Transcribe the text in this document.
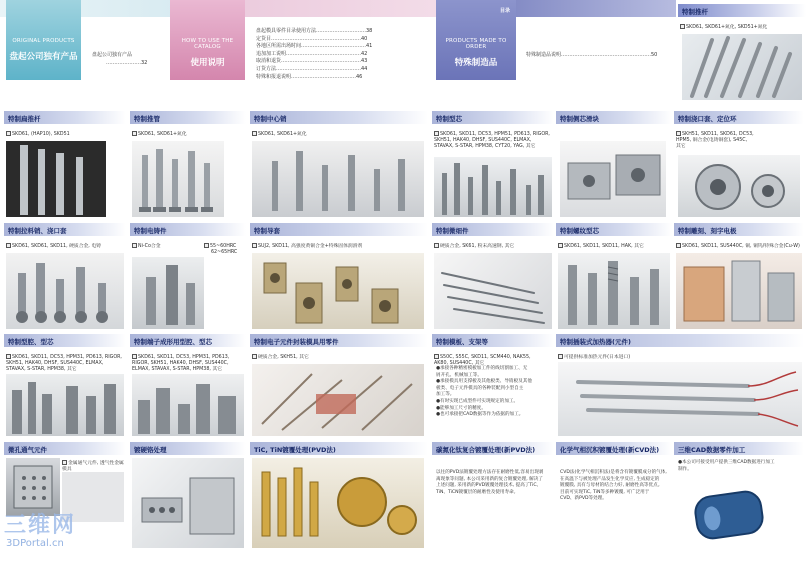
ORIGINAL PRODUCTS
盘起公司独有产品	盘起公司独有产品
…………………32
HOW TO USE THE CATALOG
使用说明
盘起模具零件目录使用方法…………………………38
定货目………………………………………………40
各地区所需出场时间…………………………………41
追加加工说明………………………………………42
取消和退货…………………………………………43
订货方法……………………………………………44
特殊和报退说明…………………………………46
PRODUCTS MADE TO ORDER
特殊制造品
目录
特殊制造品说明………………………………………………50
特制推杆
SKD61, SKD61+氮化, SKD51+氮化
特制扁推杆
SKD61, (HAP10), SKD51
特制推管
SKD61, SKD61+氮化
特制中心销
SKD61, SKD61+氮化
特制型芯
SKD61, SKD11, DC53, HPM51, PD613, RIGOR,
SKH51, HAK40, DHSF, SUS440C, ELMAX,
STAVAX, S-STAR, HPM38, CYT20, YAG, 其它
特制侧芯滑块	特制浇口套、定位环
SKH51, SKD11, SKD61, DC53,
HPM5, 铜合金(电铸铜套), S45C,
其它
特制拉料销、浇口套
SKD61, SKD61, SKD11, 硬质合金, 电铸
特制电铸件
Ni-Co合金	55~60HRC
62~65HRC
特制导套
SUJ2, SKD11, 高强度黄铜合金+特殊固体润滑剂
特制微细件
硬质合金, SK61, 粉末高速钢, 其它
特制螺纹型芯
SKD61, SKD11, SKD11, HAK, 其它
特制雕刻、刻字电极
SKD61, SKD11, SUS440C, 铜, 铜钨/特殊合金(Cu-W)
特制型腔、型芯
SKD61, SKD11, DC53, HPM31, PD613, RIGOR,
SKH51, HAK40, DHSF, SUS440C, ELMAX,
STAVAX, S-STAR, HPM38, 其它
特制端子成形用型腔、型芯
SKD61, SKD11, DC53, HPM31, PD613,
RIGOR, SKH51, HAK40, DHSF, SUS440C,
ELMAX, STAVAX, S-STAR, HPM38, 其它
特制电子元件封装模具用零件
硬质合金, SKH51, 其它
特制模板、支架等
S50C, S55C, SKD11, SCM440, NAK55,
AK80, SUS440C, 其它
●承接各种精密模板加工件的线切割加工、无
屑开孔、机械加工等。
●承接模具用支撑板及其他板类、导销板及其他
板类、电子元件模具的各种装配到小型自主
加工等。
●有时实现已成型件可实现规定的加工。
●能够加工尺寸的精度。
●也可承接把CAD数据等作为依据的加工。
特制插装式加热器(元件)
可提供标准加热元件(日本进口)
微孔通气元件
金属通气元件, 透气性金属模具
镀硬铬处理	TiC, TiN镀覆处理(PVD法)	碳氮化钛复合镀覆处理(新PVD法)
以往的PVD法镀覆处理方法存在耐磨性低,容易出现剥
离现象等问题, 本公司采用新的复合镀覆处理, 解决了
上述问题, 采用新的PVD镀覆处理技术, 提高了TiC、
TiN、TiCN镀覆层的耐磨性及使用寿命。
化学气相沉积镀覆处理(新CVD法)
CVD法(化学气相沉积法)是将含有镀覆膜成分的气体,
在高温下与被处理产品发生化学反应, 生成稳定的
镀覆膜, 具有与母材的结合力好, 耐磨性高等优点。
目前可实现TiC, TiN等多种镀覆, 可广泛用于
CVD、新PVD等处理。
三维CAD数据零件加工
●本公司可接受用户提供三维CAD数据进行加工
制作。
三维网
3DPortal.cn
